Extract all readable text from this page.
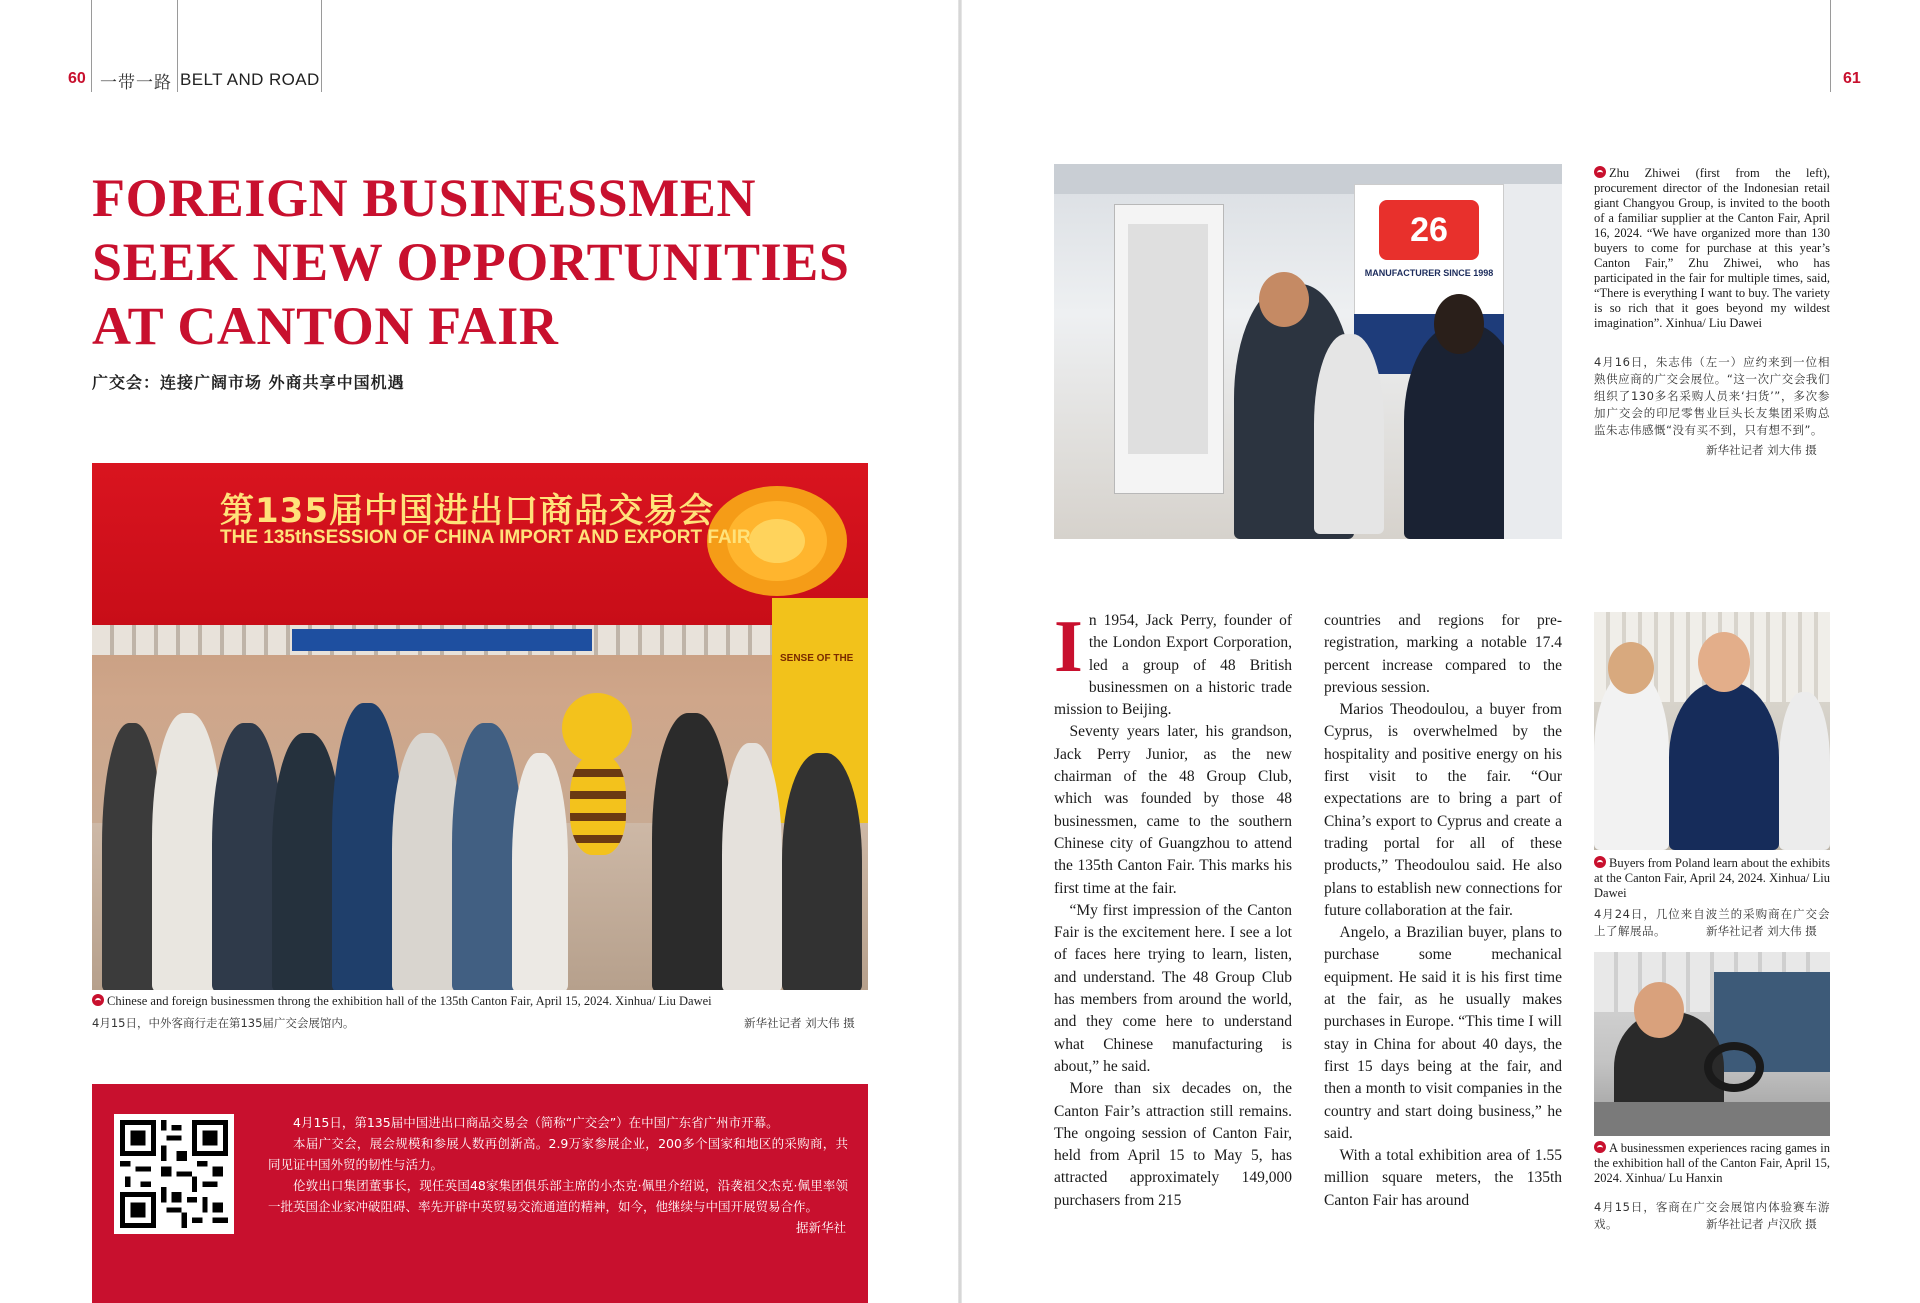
60 一带一路 BELT AND ROAD	61
FOREIGN BUSINESSMEN
SEEK NEW OPPORTUNITIES
AT CANTON FAIR
广交会：连接广阔市场 外商共享中国机遇
第135届中国进出口商品交易会
THE 135thSESSION OF CHINA IMPORT AND EXPORT FAIR
SENSE OF THE
Chinese and foreign businessmen throng the exhibition hall of the 135th Canton Fair, April 15, 2024. Xinhua/ Liu Dawei
4月15日，中外客商行走在第135届广交会展馆内。	新华社记者 刘大伟 摄

4月15日，第135届中国进出口商品交易会（简称“广交会”）在中国广东省广州市开幕。

本届广交会，展会规模和参展人数再创新高。2.9万家参展企业，200多个国家和地区的采购商，共同见证中国外贸的韧性与活力。

伦敦出口集团董事长，现任英国48家集团俱乐部主席的小杰克·佩里介绍说，沿袭祖父杰克·佩里率领一批英国企业家冲破阻碍、率先开辟中英贸易交流通道的精神，如今，他继续与中国开展贸易合作。

据新华社
26
MANUFACTURER SINCE 1998
Zhu Zhiwei (first from the left), procurement director of the Indonesian retail giant Changyou Group, is invited to the booth of a familiar supplier at the Canton Fair, April 16, 2024. “We have organized more than 130 buyers to come for purchase at this year’s Canton Fair,” Zhu Zhiwei, who has participated in the fair for multiple times, said, “There is everything I want to buy. The variety is so rich that it goes beyond my wildest imagination”. Xinhua/ Liu Dawei
4月16日，朱志伟（左一）应约来到一位相熟供应商的广交会展位。“这一次广交会我们组织了130多名采购人员来‘扫货’”，多次参加广交会的印尼零售业巨头长友集团采购总监朱志伟感慨“没有买不到，只有想不到”。
新华社记者 刘大伟 摄

In 1954, Jack Perry, founder of the London Export Corporation, led a group of 48 British businessmen on a historic trade mission to Beijing.

Seventy years later, his grandson, Jack Perry Junior, as the new chairman of the 48 Group Club, which was founded by those 48 businessmen, came to the southern Chinese city of Guangzhou to attend the 135th Canton Fair. This marks his first time at the fair.

“My first impression of the Canton Fair is the excitement here. I see a lot of faces here trying to learn, listen, and understand. The 48 Group Club has members from around the world, and they come here to understand what Chinese manufacturing is about,” he said.

More than six decades on, the Canton Fair’s attraction still remains. The ongoing session of Canton Fair, held from April 15 to May 5, has attracted approximately 149,000 purchasers from 215

countries and regions for pre-registration, marking a notable 17.4 percent increase compared to the previous session.

Marios Theodoulou, a buyer from Cyprus, is overwhelmed by the hospitality and positive energy on his first visit to the fair. “Our expectations are to bring a part of China’s export to Cyprus and create a trading portal for all of these products,” Theodoulou said. He also plans to establish new connections for future collaboration at the fair.

Angelo, a Brazilian buyer, plans to purchase some mechanical equipment. He said it is his first time at the fair, as he usually makes purchases in Europe. “This time I will stay in China for about 40 days, the first 15 days being at the fair, and then a month to visit companies in the country and start doing business,” he said.

With a total exhibition area of 1.55 million square meters, the 135th Canton Fair has around

Buyers from Poland learn about the exhibits at the Canton Fair, April 24, 2024. Xinhua/ Liu Dawei
4月24日，几位来自波兰的采购商在广交会上了解展品。	新华社记者 刘大伟 摄
A businessmen experiences racing games in the exhibition hall of the Canton Fair, April 15, 2024. Xinhua/ Lu Hanxin
4月15日，客商在广交会展馆内体验赛车游戏。	新华社记者 卢汉欣 摄
